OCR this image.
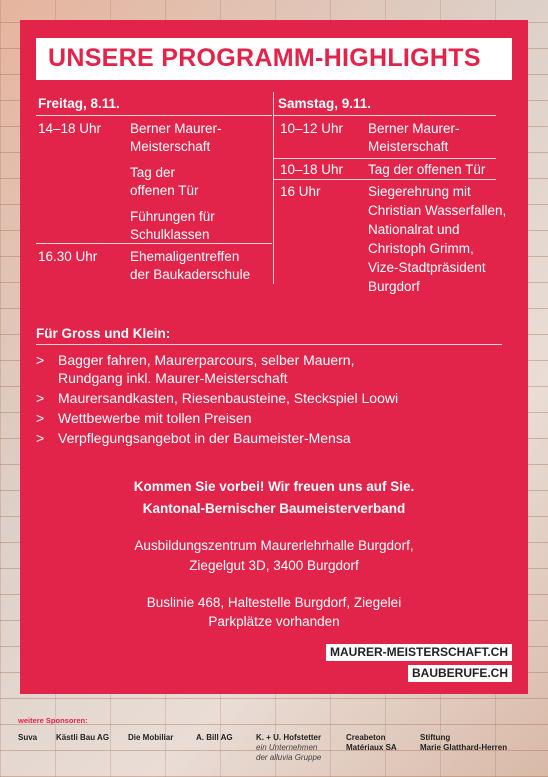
UNSERE PROGRAMM-HIGHLIGHTS
Freitag, 8.11.	Samstag, 9.11.
14–18 Uhr Berner Maurer-
Meisterschaft
Tag der
offenen Tür
Führungen für
Schulklassen
16.30 Uhr Ehemaligentreffen
der Baukaderschule
10–12 Uhr Berner Maurer-
Meisterschaft
10–18 Uhr Tag der offenen Tür
16 Uhr	Siegerehrung mit
Christian Wasserfallen,
Nationalrat und
Christoph Grimm,
Vize-Stadtpräsident
Burgdorf
Für Gross und Klein:
> Bagger fahren, Maurerparcours, selber Mauern,
Rundgang inkl. Maurer-Meisterschaft
> Maurersandkasten, Riesenbausteine, Steckspiel Loowi
> Wettbewerbe mit tollen Preisen
> Verpflegungsangebot in der Baumeister-Mensa
Kommen Sie vorbei! Wir freuen uns auf Sie.
Kantonal-Bernischer Baumeisterverband
Ausbildungszentrum Maurerlehrhalle Burgdorf,
Ziegelgut 3D, 3400 Burgdorf
Buslinie 468, Haltestelle Burgdorf, Ziegelei
Parkplätze vorhanden
MAURER-MEISTERSCHAFT.CH
BAUBERUFE.CH
weitere Sponsoren:
Suva Kästli Bau AG Die Mobiliar	A. Bill AG	K. + U. Hofstetter
ein Unternehmen
der alluvia Gruppe
Creabeton
Matériaux SA
Stiftung
Marie Glatthard-Herren
